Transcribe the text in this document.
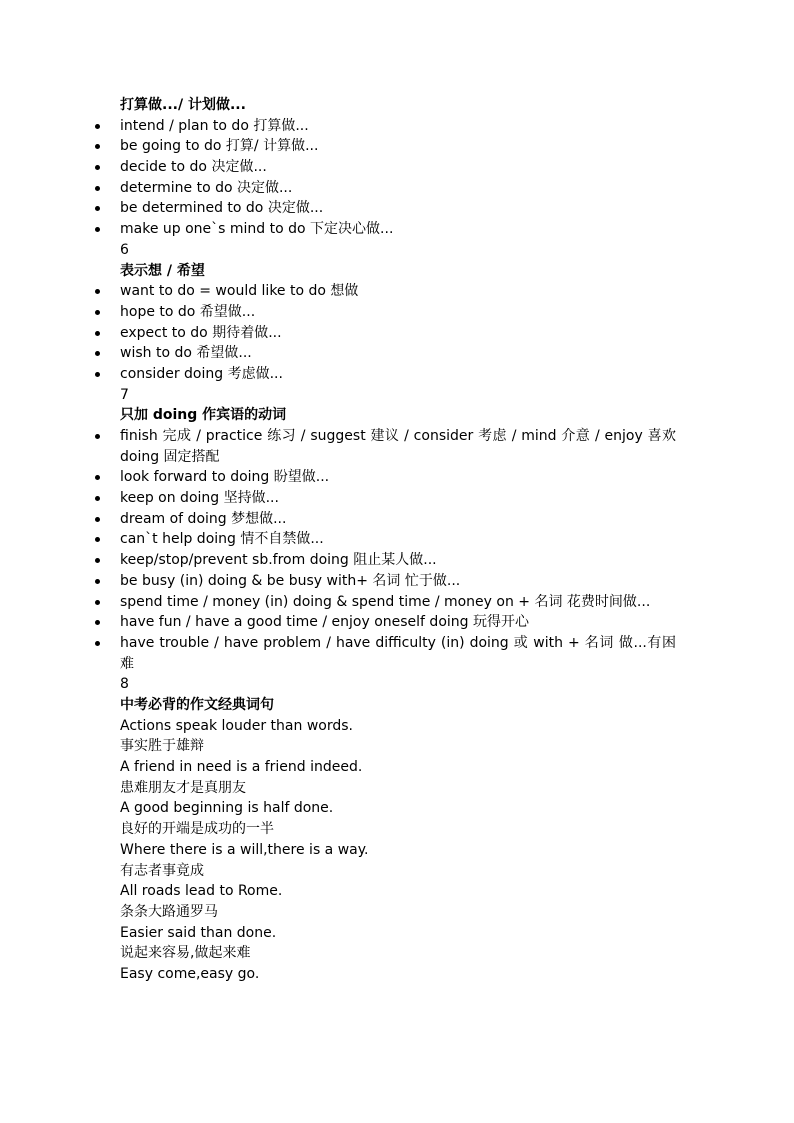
打算做.../ 计划做...
intend / plan to do 打算做...
be going to do 打算/ 计算做...
decide to do 决定做...
determine to do 决定做...
be determined to do 决定做...
make up one`s mind to do 下定决心做...
6
表示想 / 希望
want to do = would like to do 想做
hope to do 希望做...
expect to do 期待着做...
wish to do 希望做...
consider doing 考虑做...
7
只加 doing 作宾语的动词
finish 完成 / practice 练习 / suggest 建议 / consider 考虑 / mind 介意 / enjoy 喜欢 doing 固定搭配
look forward to doing 盼望做...
keep on doing 坚持做...
dream of doing 梦想做...
can`t help doing 情不自禁做...
keep/stop/prevent sb.from doing 阻止某人做...
be busy (in) doing & be busy with+ 名词 忙于做...
spend time / money (in) doing & spend time / money on + 名词 花费时间做...
have fun / have a good time / enjoy oneself doing 玩得开心
have trouble / have problem / have difficulty (in) doing 或 with + 名词 做...有困难
8
中考必背的作文经典词句
Actions speak louder than words.
事实胜于雄辩
A friend in need is a friend indeed.
患难朋友才是真朋友
A good beginning is half done.
良好的开端是成功的一半
Where there is a will,there is a way.
有志者事竟成
All roads lead to Rome.
条条大路通罗马
Easier said than done.
说起来容易,做起来难
Easy come,easy go.
